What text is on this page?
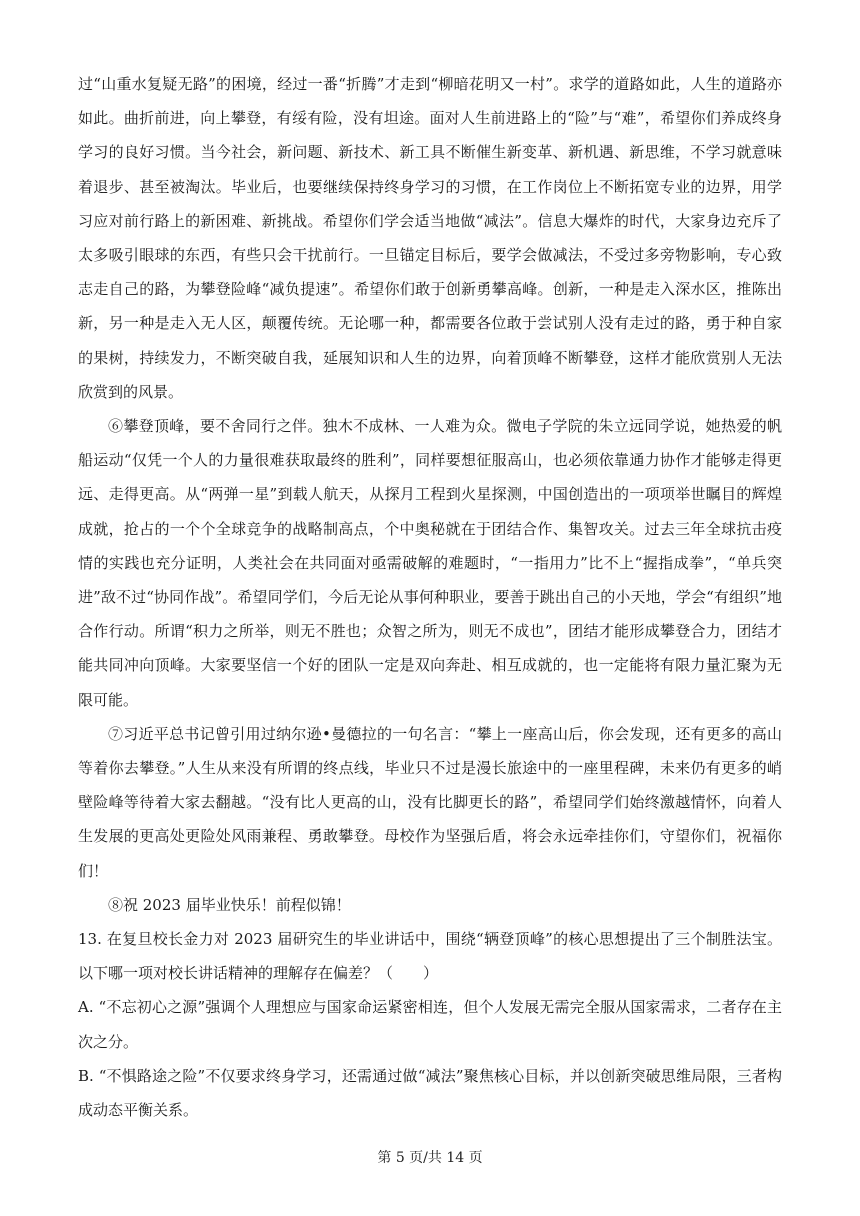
过“山重水复疑无路”的困境，经过一番“折腾”才走到“柳暗花明又一村”。求学的道路如此，人生的道路亦如此。曲折前进，向上攀登，有绥有险，没有坦途。面对人生前进路上的“险”与“难”，希望你们养成终身学习的良好习惯。当今社会，新问题、新技术、新工具不断催生新变革、新机遇、新思维，不学习就意味着退步、甚至被淘汰。毕业后，也要继续保持终身学习的习惯，在工作岗位上不断拓宽专业的边界，用学习应对前行路上的新困难、新挑战。希望你们学会适当地做“减法”。信息大爆炸的时代，大家身边充斥了太多吸引眼球的东西，有些只会干扰前行。一旦锚定目标后，要学会做减法，不受过多旁物影响，专心致志走自己的路，为攀登险峰“减负提速”。希望你们敢于创新勇攀高峰。创新，一种是走入深水区，推陈出新，另一种是走入无人区，颠覆传统。无论哪一种，都需要各位敢于尝试别人没有走过的路，勇于种自家的果树，持续发力，不断突破自我，延展知识和人生的边界，向着顶峰不断攀登，这样才能欣赏别人无法欣赏到的风景。

⑥攀登顶峰，要不舍同行之伴。独木不成林、一人难为众。微电子学院的朱立远同学说，她热爱的帆船运动“仅凭一个人的力量很难获取最终的胜利”，同样要想征服高山，也必须依靠通力协作才能够走得更远、走得更高。从“两弹一星”到载人航天，从探月工程到火星探测，中国创造出的一项项举世瞩目的辉煌成就，抢占的一个个全球竞争的战略制高点，个中奥秘就在于团结合作、集智攻关。过去三年全球抗击疫情的实践也充分证明，人类社会在共同面对亟需破解的难题时，“一指用力”比不上“握指成拳”，“单兵突进”敌不过“协同作战”。希望同学们，今后无论从事何种职业，要善于跳出自己的小天地，学会“有组织”地合作行动。所谓“积力之所举，则无不胜也；众智之所为，则无不成也”，团结才能形成攀登合力，团结才能共同冲向顶峰。大家要坚信一个好的团队一定是双向奔赴、相互成就的，也一定能将有限力量汇聚为无限可能。

⑦习近平总书记曾引用过纳尔逊•曼德拉的一句名言：“攀上一座高山后，你会发现，还有更多的高山等着你去攀登。”人生从来没有所谓的终点线，毕业只不过是漫长旅途中的一座里程碑，未来仍有更多的峭壁险峰等待着大家去翻越。“没有比人更高的山，没有比脚更长的路”，希望同学们始终激越情怀，向着人生发展的更高处更险处风雨兼程、勇敢攀登。母校作为坚强后盾，将会永远牵挂你们，守望你们，祝福你们！

⑧祝 2023 届毕业快乐！前程似锦！

13. 在复旦校长金力对 2023 届研究生的毕业讲话中，围绕“辆登顶峰”的核心思想提出了三个制胜法宝。以下哪一项对校长讲话精神的理解存在偏差？（　　）

A. “不忘初心之源”强调个人理想应与国家命运紧密相连，但个人发展无需完全服从国家需求，二者存在主次之分。

B. “不惧路途之险”不仅要求终身学习，还需通过做“减法”聚焦核心目标，并以创新突破思维局限，三者构成动态平衡关系。

第 5 页/共 14 页
